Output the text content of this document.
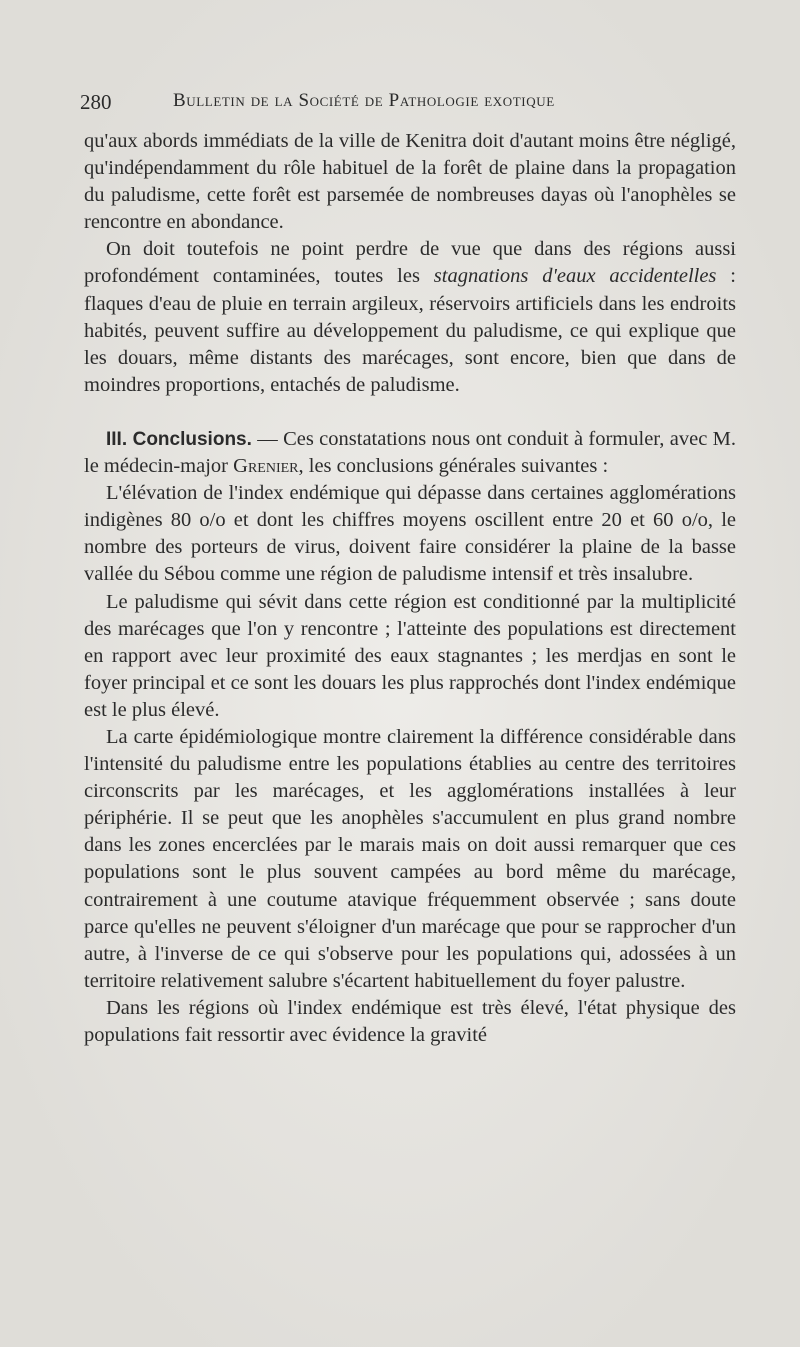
280	Bulletin de la Société de Pathologie exotique

qu'aux abords immédiats de la ville de Kenitra doit d'autant moins être négligé, qu'indépendamment du rôle habituel de la forêt de plaine dans la propagation du paludisme, cette forêt est parsemée de nombreuses dayas où l'anophèles se rencontre en abondance.

On doit toutefois ne point perdre de vue que dans des régions aussi profondément contaminées, toutes les stagnations d'eaux accidentelles : flaques d'eau de pluie en terrain argileux, réservoirs artificiels dans les endroits habités, peuvent suffire au développement du paludisme, ce qui explique que les douars, même distants des marécages, sont encore, bien que dans de moindres proportions, entachés de paludisme.

III. Conclusions. — Ces constatations nous ont conduit à formuler, avec M. le médecin-major Grenier, les conclusions générales suivantes :

L'élévation de l'index endémique qui dépasse dans certaines agglomérations indigènes 80 o/o et dont les chiffres moyens oscillent entre 20 et 60 o/o, le nombre des porteurs de virus, doivent faire considérer la plaine de la basse vallée du Sébou comme une région de paludisme intensif et très insalubre.

Le paludisme qui sévit dans cette région est conditionné par la multiplicité des marécages que l'on y rencontre ; l'atteinte des populations est directement en rapport avec leur proximité des eaux stagnantes ; les merdjas en sont le foyer principal et ce sont les douars les plus rapprochés dont l'index endémique est le plus élevé.

La carte épidémiologique montre clairement la différence considérable dans l'intensité du paludisme entre les populations établies au centre des territoires circonscrits par les marécages, et les agglomérations installées à leur périphérie. Il se peut que les anophèles s'accumulent en plus grand nombre dans les zones encerclées par le marais mais on doit aussi remarquer que ces populations sont le plus souvent campées au bord même du marécage, contrairement à une coutume atavique fréquemment observée ; sans doute parce qu'elles ne peuvent s'éloigner d'un marécage que pour se rapprocher d'un autre, à l'inverse de ce qui s'observe pour les populations qui, adossées à un territoire relativement salubre s'écartent habituellement du foyer palustre.

Dans les régions où l'index endémique est très élevé, l'état physique des populations fait ressortir avec évidence la gravité
